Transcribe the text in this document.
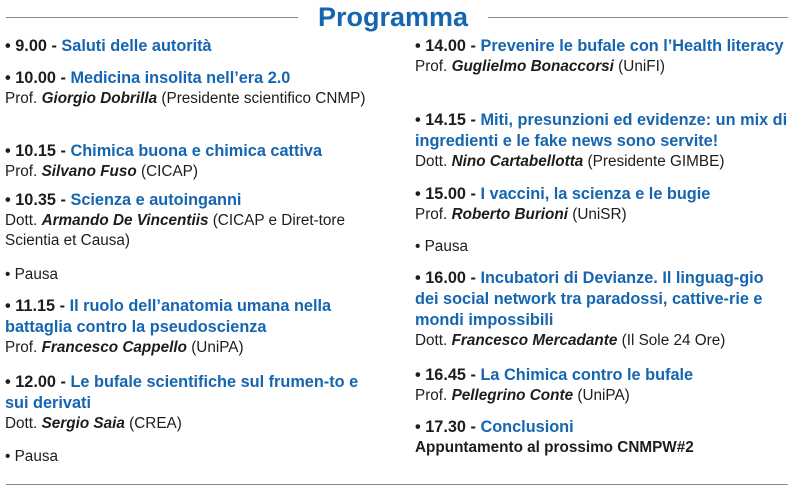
Programma
• 9.00 - Saluti delle autorità
• 10.00 - Medicina insolita nell’era 2.0
Prof. Giorgio Dobrilla (Presidente scientifico CNMP)
• 10.15 - Chimica buona e chimica cattiva
Prof. Silvano Fuso (CICAP)
• 10.35 - Scienza e autoinganni
Dott. Armando De Vincentiis (CICAP e Diret-tore Scientia et Causa)
• Pausa
• 11.15 - Il ruolo dell’anatomia umana nella battaglia contro la pseudoscienza
Prof. Francesco Cappello (UniPA)
• 12.00 - Le bufale scientifiche sul frumen-to e sui derivati
Dott. Sergio Saia (CREA)
• Pausa
• 14.00 - Prevenire le bufale con l’Health literacy
Prof. Guglielmo Bonaccorsi (UniFI)
• 14.15 - Miti, presunzioni ed evidenze: un mix di ingredienti e le fake news sono servite!
Dott. Nino Cartabellotta (Presidente GIMBE)
• 15.00 - I vaccini, la scienza e le bugie
Prof. Roberto Burioni (UniSR)
• Pausa
• 16.00 - Incubatori di Devianze. Il linguag-gio dei social network tra paradossi, cattive-rie e mondi impossibili
Dott. Francesco Mercadante (Il Sole 24 Ore)
• 16.45 - La Chimica contro le bufale
Prof. Pellegrino Conte (UniPA)
• 17.30 - Conclusioni
Appuntamento al prossimo CNMPW#2
